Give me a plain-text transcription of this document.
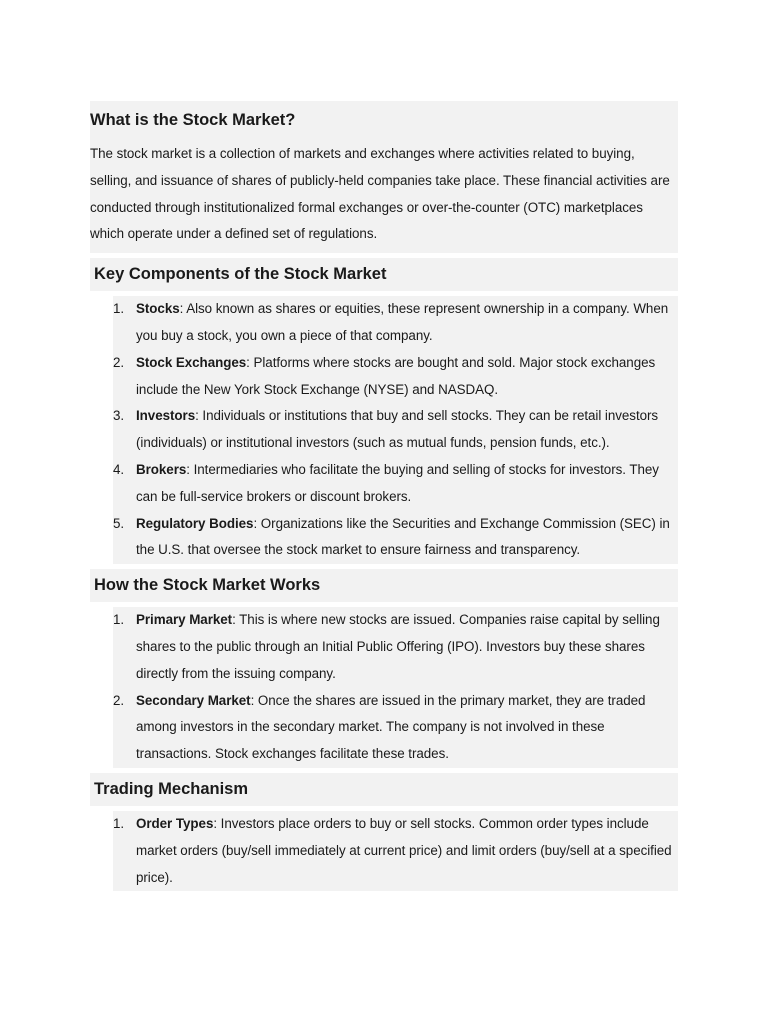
What is the Stock Market?

The stock market is a collection of markets and exchanges where activities related to buying, selling, and issuance of shares of publicly-held companies take place. These financial activities are conducted through institutionalized formal exchanges or over-the-counter (OTC) marketplaces which operate under a defined set of regulations.

Key Components of the Stock Market
1. Stocks: Also known as shares or equities, these represent ownership in a company. When you buy a stock, you own a piece of that company.
2. Stock Exchanges: Platforms where stocks are bought and sold. Major stock exchanges include the New York Stock Exchange (NYSE) and NASDAQ.
3. Investors: Individuals or institutions that buy and sell stocks. They can be retail investors (individuals) or institutional investors (such as mutual funds, pension funds, etc.).
4. Brokers: Intermediaries who facilitate the buying and selling of stocks for investors. They can be full-service brokers or discount brokers.
5. Regulatory Bodies: Organizations like the Securities and Exchange Commission (SEC) in the U.S. that oversee the stock market to ensure fairness and transparency.
How the Stock Market Works
1. Primary Market: This is where new stocks are issued. Companies raise capital by selling shares to the public through an Initial Public Offering (IPO). Investors buy these shares directly from the issuing company.
2. Secondary Market: Once the shares are issued in the primary market, they are traded among investors in the secondary market. The company is not involved in these transactions. Stock exchanges facilitate these trades.
Trading Mechanism
1. Order Types: Investors place orders to buy or sell stocks. Common order types include market orders (buy/sell immediately at current price) and limit orders (buy/sell at a specified price).
